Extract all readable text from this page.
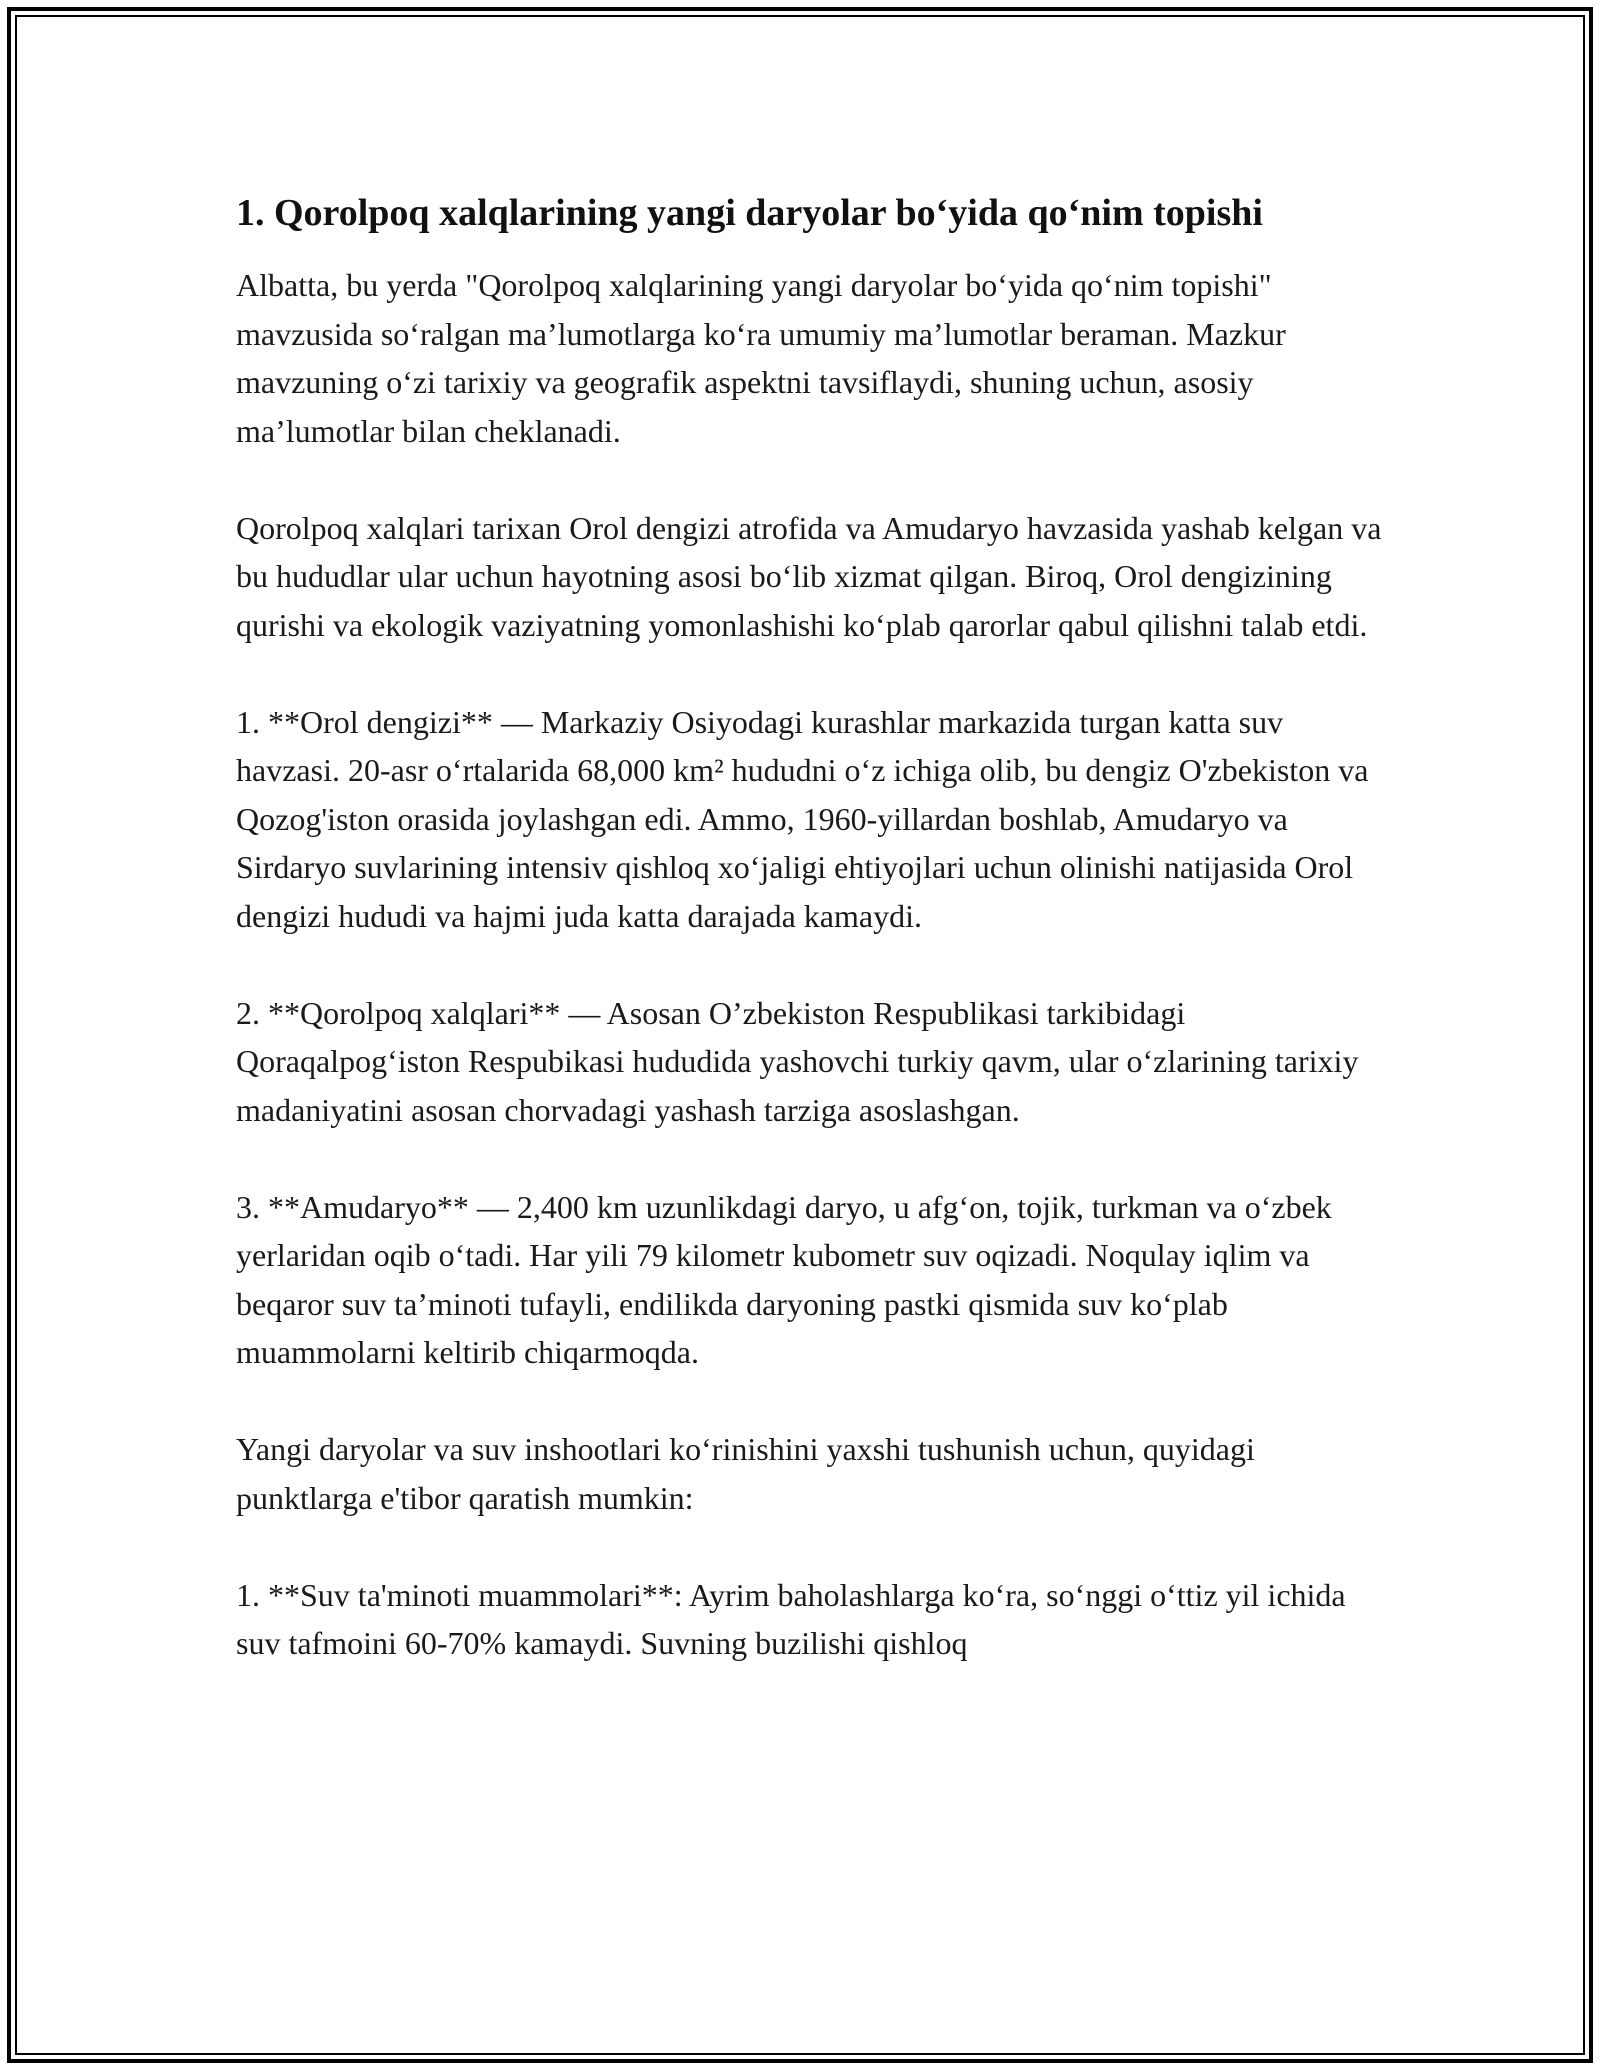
1. Qorolpoq xalqlarining yangi daryolar bo‘yida qo‘nim topishi

Albatta, bu yerda "Qorolpoq xalqlarining yangi daryolar bo‘yida qo‘nim topishi" mavzusida so‘ralgan ma’lumotlarga ko‘ra umumiy ma’lumotlar beraman. Mazkur mavzuning o‘zi tarixiy va geografik aspektni tavsiflaydi, shuning uchun, asosiy ma’lumotlar bilan cheklanadi.

Qorolpoq xalqlari tarixan Orol dengizi atrofida va Amudaryo havzasida yashab kelgan va bu hududlar ular uchun hayotning asosi bo‘lib xizmat qilgan. Biroq, Orol dengizining qurishi va ekologik vaziyatning yomonlashishi ko‘plab qarorlar qabul qilishni talab etdi.

1. **Orol dengizi** — Markaziy Osiyodagi kurashlar markazida turgan katta suv havzasi. 20-asr o‘rtalarida 68,000 km² hududni o‘z ichiga olib, bu dengiz O'zbekiston va Qozog'iston orasida joylashgan edi. Ammo, 1960-yillardan boshlab, Amudaryo va Sirdaryo suvlarining intensiv qishloq xo‘jaligi ehtiyojlari uchun olinishi natijasida Orol dengizi hududi va hajmi juda katta darajada kamaydi.

2. **Qorolpoq xalqlari** — Asosan O’zbekiston Respublikasi tarkibidagi Qoraqalpog‘iston Respubikasi hududida yashovchi turkiy qavm, ular o‘zlarining tarixiy madaniyatini asosan chorvadagi yashash tarziga asoslashgan.

3. **Amudaryo** — 2,400 km uzunlikdagi daryo, u afg‘on, tojik, turkman va o‘zbek yerlaridan oqib o‘tadi. Har yili 79 kilometr kubometr suv oqizadi. Noqulay iqlim va beqaror suv ta’minoti tufayli, endilikda daryoning pastki qismida suv ko‘plab muammolarni keltirib chiqarmoqda.

Yangi daryolar va suv inshootlari ko‘rinishini yaxshi tushunish uchun, quyidagi punktlarga e'tibor qaratish mumkin:

1. **Suv ta'minoti muammolari**: Ayrim baholashlarga ko‘ra, so‘nggi o‘ttiz yil ichida suv tafmoini 60-70% kamaydi. Suvning buzilishi qishloq
